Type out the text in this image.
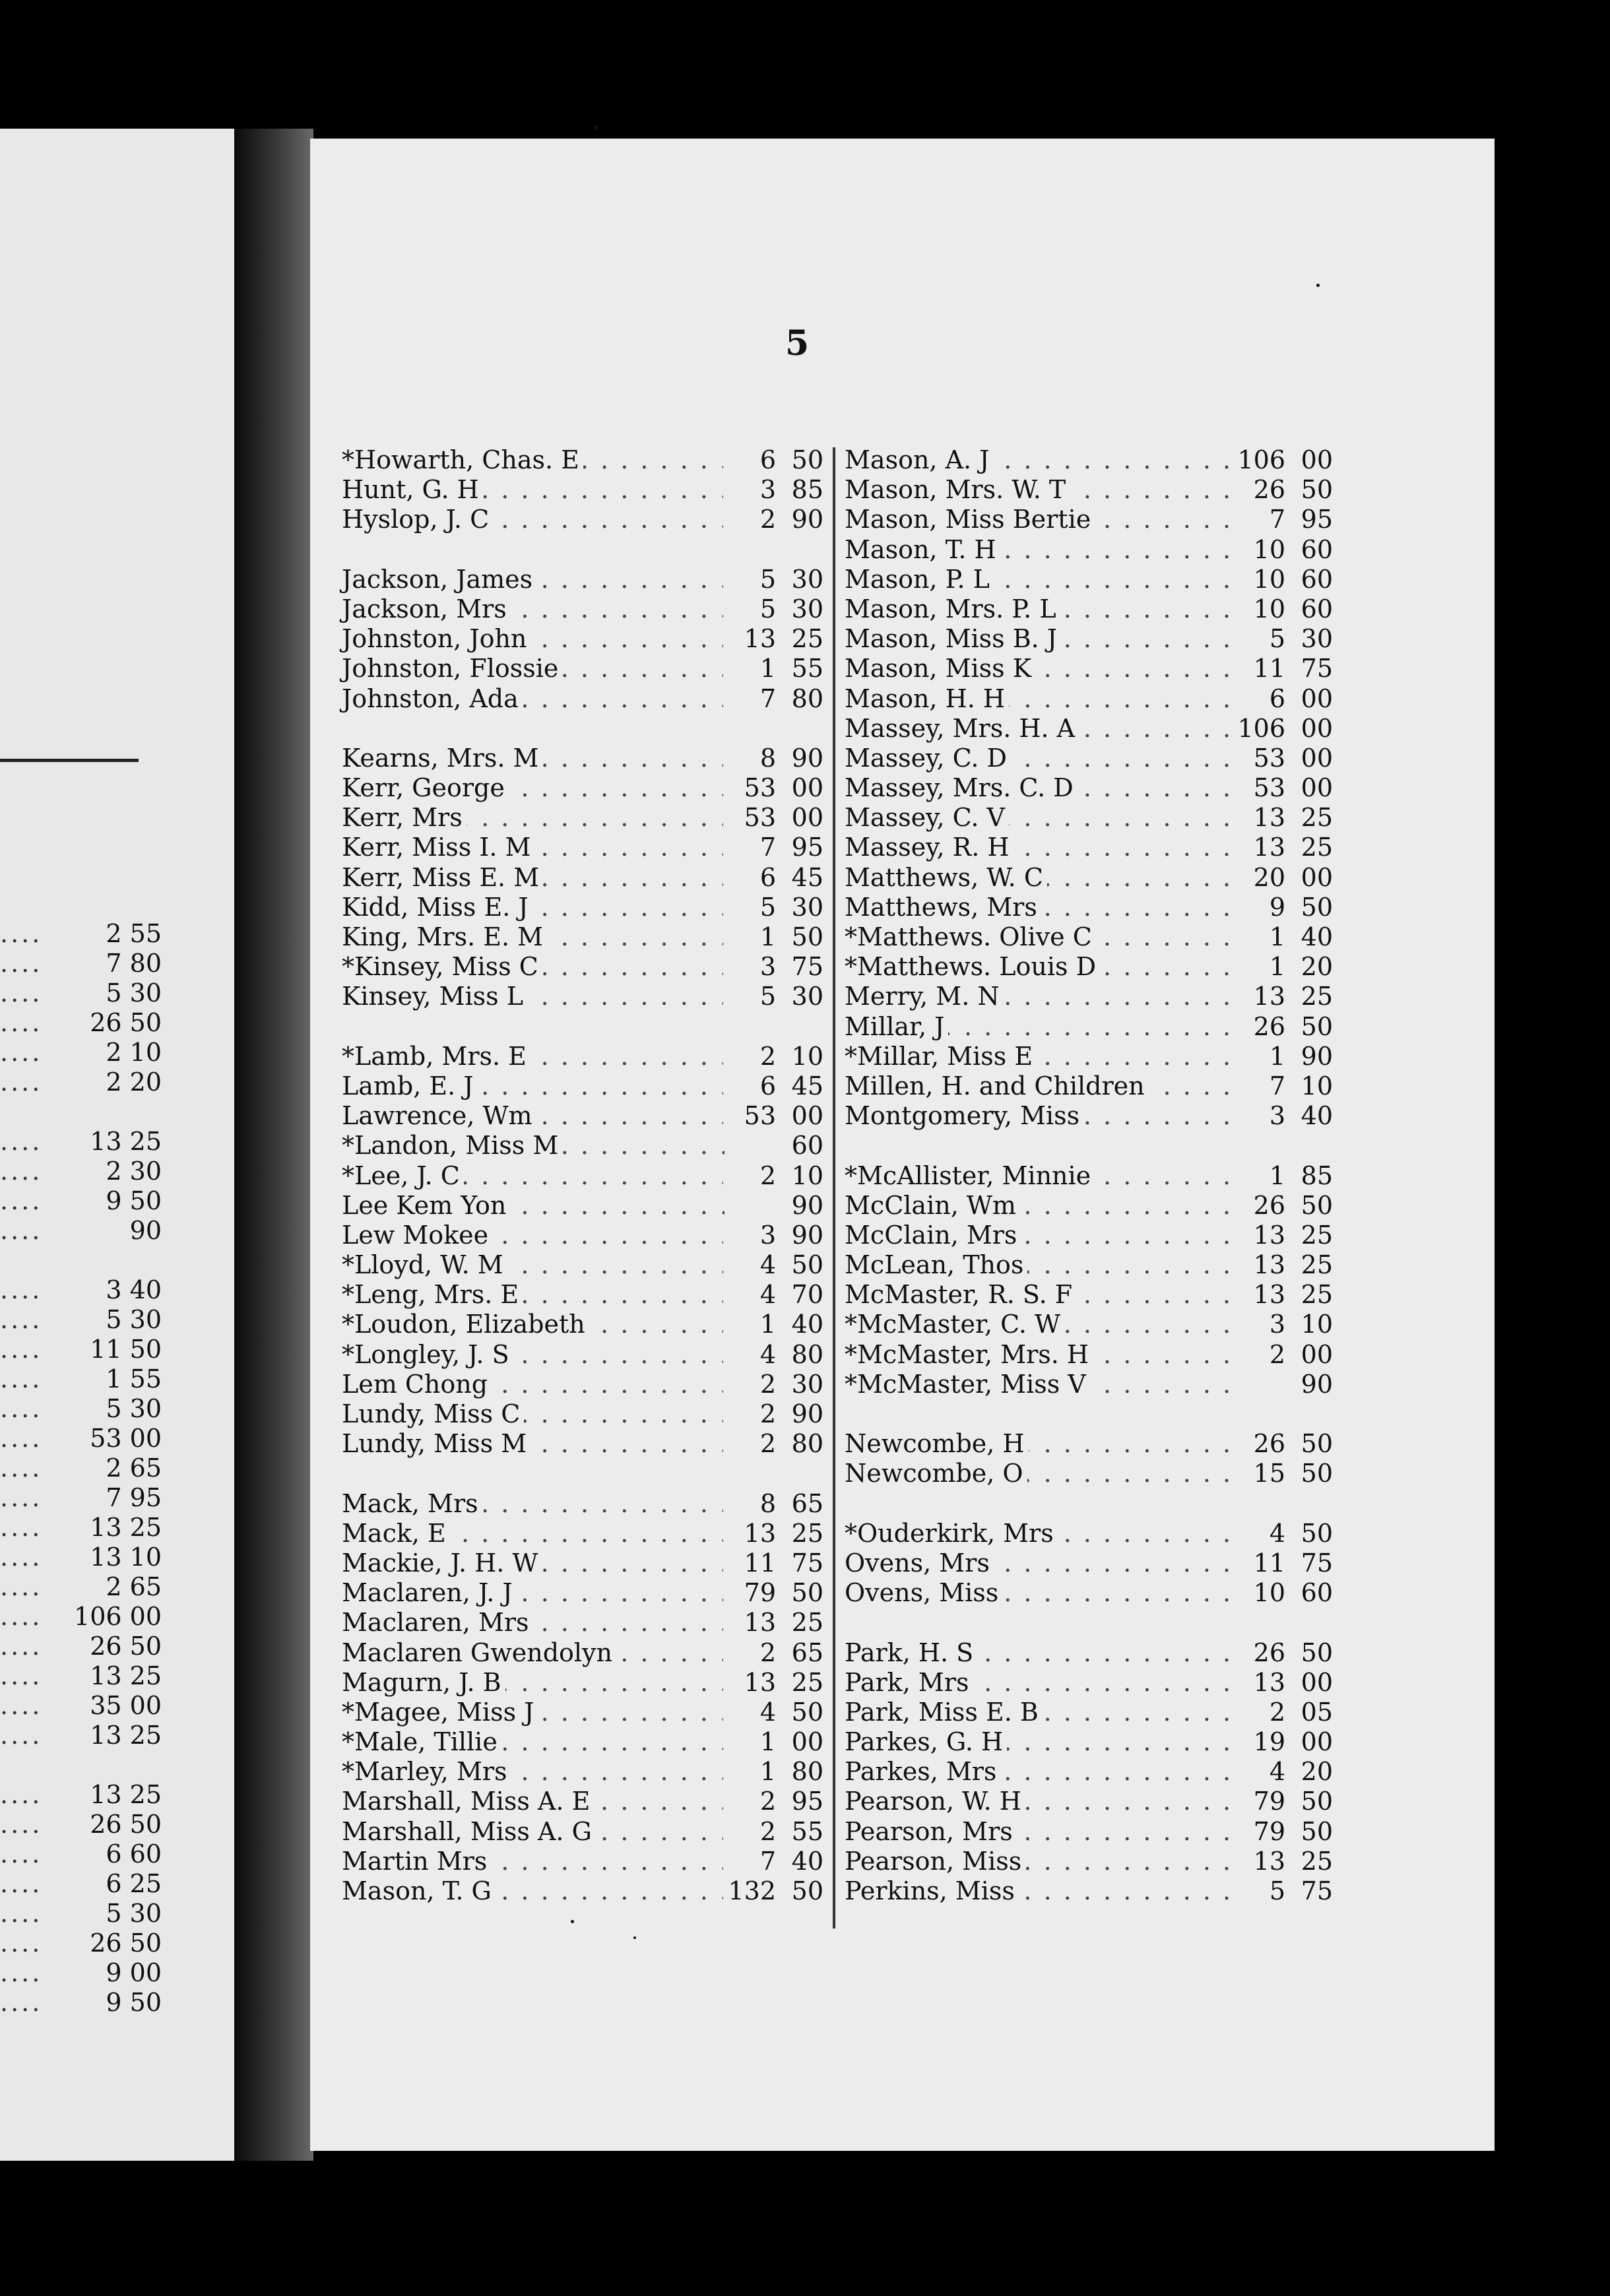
....	2 55
....	7 80
....	5 30
.... 26 50
....	2 10
....	2 20
.... 13 25
....	2 30
....	9 50
....	90
....	3 40
....	5 30
.... 11 50
....	1 55
....	5 30
.... 53 00
....	2 65
....	7 95
.... 13 25
.... 13 10
....	2 65
.... 106 00
.... 26 50
.... 13 25
.... 35 00
.... 13 25
.... 13 25
.... 26 50
....	6 60
....	6 25
....	5 30
.... 26 50
....	9 00
....	9 50
5
. . .
*Howarth, Chas. E	6 50
. . .
Hunt, G. H	3 85
. . .
Hyslop, J. C	2 90
. . .
Jackson, James	5 30
. . .
Jackson, Mrs	5 30
. . .
Johnston, John	13 25
. . .
Johnston, Flossie	1 55
. . .
Johnston, Ada	7 80
. . .
Kearns, Mrs. M	8 90
. . .
Kerr, George	53 00
. . .
Kerr, Mrs	53 00
. . .
Kerr, Miss I. M	7 95
. . .
Kerr, Miss E. M	6 45
. . .
Kidd, Miss E. J	5 30
. . .
King, Mrs. E. M	1 50
. . .
*Kinsey, Miss C	3 75
. . .
Kinsey, Miss L	5 30
. . .
*Lamb, Mrs. E	2 10
. . .
Lamb, E. J	6 45
. . .
Lawrence, Wm	53 00
. . .
*Landon, Miss M	60
. . .
*Lee, J. C	2 10
. . .
Lee Kem Yon	90
. . .
Lew Mokee	3 90
. . .
*Lloyd, W. M	4 50
. . .
*Leng, Mrs. E	4 70
. . .
*Loudon, Elizabeth	1 40
. . .
*Longley, J. S	4 80
. . .
Lem Chong	2 30
. . .
Lundy, Miss C	2 90
. . .
Lundy, Miss M	2 80
. . .
Mack, Mrs	8 65
. . .
Mack, E	13 25
. . .
Mackie, J. H. W	11 75
. . .
Maclaren, J. J	79 50
. . .
Maclaren, Mrs	13 25
. . .
Maclaren Gwendolyn	2 65
. . .
Magurn, J. B	13 25
. . .
*Magee, Miss J	4 50
. . .
*Male, Tillie	1 00
. . .
*Marley, Mrs	1 80
. . .
Marshall, Miss A. E	2 95
. . .
Marshall, Miss A. G	2 55
. . .
Martin Mrs	7 40
. . .
Mason, T. G	132 50
. . .
Mason, A. J	106 00
. . .
Mason, Mrs. W. T	26 50
. . .
Mason, Miss Bertie	7 95
. . .
Mason, T. H	10 60
. . .
Mason, P. L	10 60
. . .
Mason, Mrs. P. L	10 60
. . .
Mason, Miss B. J	5 30
. . .
Mason, Miss K	11 75
. . .
Mason, H. H	6 00
. . .
Massey, Mrs. H. A	106 00
. . .
Massey, C. D	53 00
. . .
Massey, Mrs. C. D	53 00
. . .
Massey, C. V	13 25
. . .
Massey, R. H	13 25
. . .
Matthews, W. C	20 00
. . .
Matthews, Mrs	9 50
. . .
*Matthews. Olive C	1 40
. . .
*Matthews. Louis D	1 20
. . .
Merry, M. N	13 25
. . .
Millar, J	26 50
. . .
*Millar, Miss E	1 90
. . .
Millen, H. and Children	7 10
. . .
Montgomery, Miss	3 40
. . .
*McAllister, Minnie	1 85
. . .
McClain, Wm	26 50
. . .
McClain, Mrs	13 25
. . .
McLean, Thos	13 25
. . .
McMaster, R. S. F	13 25
. . .
*McMaster, C. W	3 10
. . .
*McMaster, Mrs. H	2 00
. . .
*McMaster, Miss V	90
. . .
Newcombe, H	26 50
. . .
Newcombe, O	15 50
. . .
*Ouderkirk, Mrs	4 50
. . .
Ovens, Mrs	11 75
. . .
Ovens, Miss	10 60
. . .
Park, H. S	26 50
. . .
Park, Mrs	13 00
. . .
Park, Miss E. B	2 05
. . .
Parkes, G. H	19 00
. . .
Parkes, Mrs	4 20
. . .
Pearson, W. H	79 50
. . .
Pearson, Mrs	79 50
. . .
Pearson, Miss	13 25
. . .
Perkins, Miss	5 75
